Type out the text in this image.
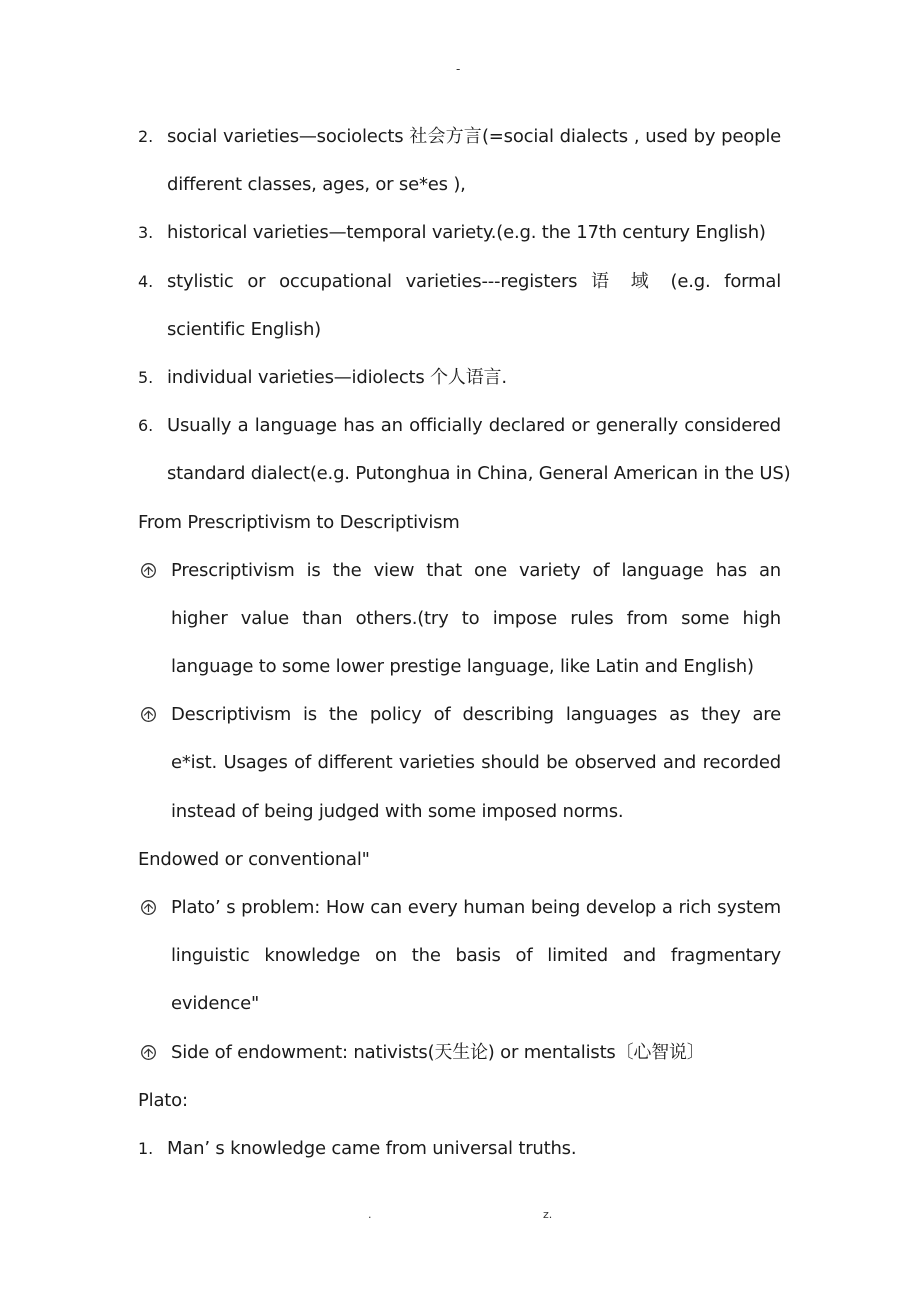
-
2. social varieties—sociolects 社会方言(=social dialects , used by people
different classes, ages, or se*es ),
3. historical varieties—temporal variety.(e.g. the 17th century English)
4. stylistic or occupational varieties---registers 语 域 (e.g. formal
scientific English)
5. individual varieties—idiolects 个人语言.
6. Usually a language has an officially declared or generally considered
standard dialect(e.g. Putonghua in China, General American in the US)
From Prescriptivism to Descriptivism
Prescriptivism is the view that one variety of language has an
higher value than others.(try to impose rules from some high
language to some lower prestige language, like Latin and English)
Descriptivism is the policy of describing languages as they are
e*ist. Usages of different varieties should be observed and recorded
instead of being judged with some imposed norms.
Endowed or conventional"
Plato’ s problem: How can every human being develop a rich system
linguistic knowledge on the basis of limited and fragmentary
evidence"
Side of endowment: nativists(天生论) or mentalists〔心智说〕
Plato:
1. Man’ s knowledge came from universal truths.
.	z.
